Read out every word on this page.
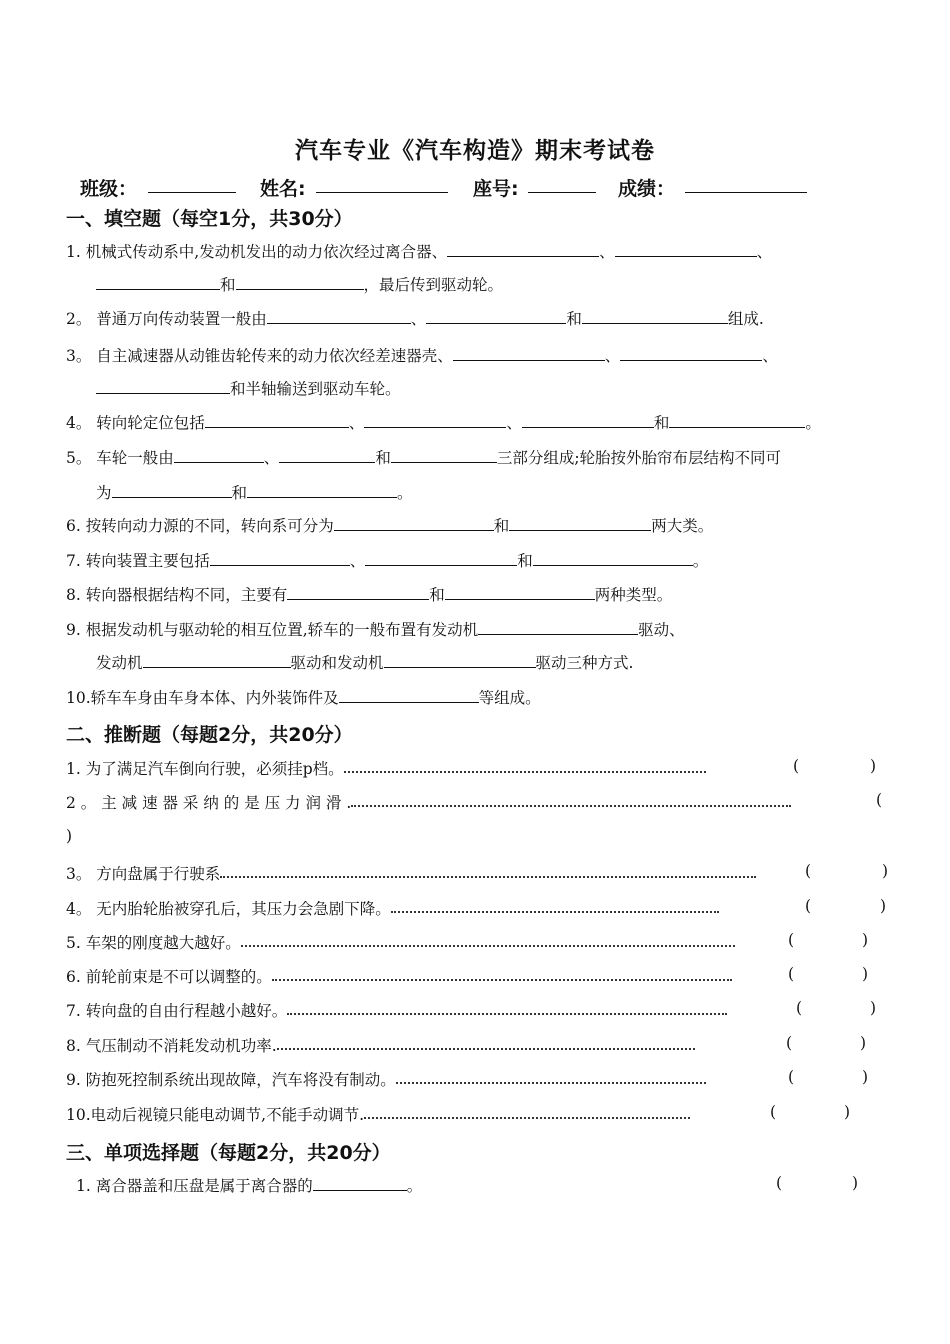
汽车专业《汽车构造》期末考试卷
班级：	姓名:	座号:	成绩：
一、填空题（每空1分，共30分）
1. 机械式传动系中,发动机发出的动力依次经过离合器、	、	、
和	，最后传到驱动轮。
2。 普通万向传动装置一般由	、	和	组成.
3。 自主减速器从动锥齿轮传来的动力依次经差速器壳、	、	、
和半轴输送到驱动车轮。
4。 转向轮定位包括	、	、	和	。
5。 车轮一般由	、	和	三部分组成;轮胎按外胎帘布层结构不同可
为	和	。
6. 按转向动力源的不同，转向系可分为	和	两大类。
7. 转向装置主要包括	、	和	。
8. 转向器根据结构不同，主要有	和	两种类型。
9. 根据发动机与驱动轮的相互位置,轿车的一般布置有发动机	驱动、
发动机	驱动和发动机	驱动三种方式.
10.轿车车身由车身本体、内外装饰件及	等组成。
二、推断题（每题2分，共20分）
1. 为了满足汽车倒向行驶，必须挂p档。	(	)
2 。 主 减 速 器 采 纳 的 是 压 力 润 滑 .	(
)
3。 方向盘属于行驶系	(	)
4。 无内胎轮胎被穿孔后，其压力会急剧下降。	(	)
5. 车架的刚度越大越好。	(	)
6. 前轮前束是不可以调整的。	(	)
7. 转向盘的自由行程越小越好。	(	)
8. 气压制动不消耗发动机功率.	(	)
9. 防抱死控制系统出现故障，汽车将没有制动。	(	)
10.电动后视镜只能电动调节,不能手动调节.	(	)
三、单项选择题（每题2分，共20分）
1. 离合器盖和压盘是属于离合器的	。	(	)
